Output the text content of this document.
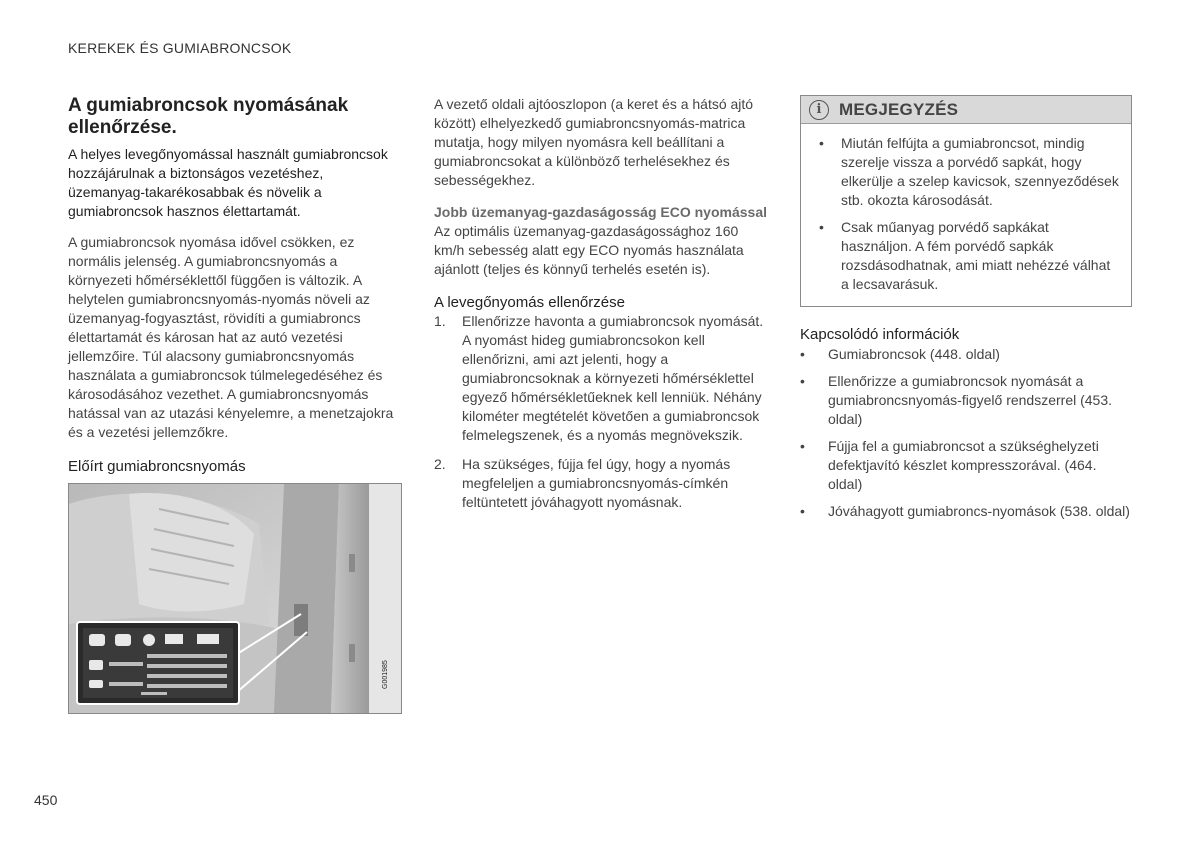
KEREKEK ÉS GUMIABRONCSOK
A gumiabroncsok nyomásának ellenőrzése.

A helyes levegőnyomással használt gumiabroncsok hozzájárulnak a biztonságos vezetéshez, üzemanyag-takarékosabbak és növelik a gumiabroncsok hasznos élettartamát.

A gumiabroncsok nyomása idővel csökken, ez normális jelenség. A gumiabroncsnyomás a környezeti hőmérséklettől függően is változik. A helytelen gumiabroncsnyomás-nyomás növeli az üzemanyag-fogyasztást, rövidíti a gumiabroncs élettartamát és károsan hat az autó vezetési jellemzőire. Túl alacsony gumiabroncsnyomás használata a gumiabroncsok túlmelegedéséhez és károsodásához vezethet. A gumiabroncsnyomás hatással van az utazási kényelemre, a menetzajokra és a vezetési jellemzőkre.

Előírt gumiabroncsnyomás
G001985

A vezető oldali ajtóoszlopon (a keret és a hátsó ajtó között) elhelyezkedő gumiabroncsnyomás-matrica mutatja, hogy milyen nyomásra kell beállítani a gumiabroncsokat a különböző terhelésekhez és sebességekhez.

Jobb üzemanyag-gazdaságosság ECO nyomással

Az optimális üzemanyag-gazdaságossághoz 160 km/h sebesség alatt egy ECO nyomás használata ajánlott (teljes és könnyű terhelés esetén is).

A levegőnyomás ellenőrzése
1. Ellenőrizze havonta a gumiabroncsok nyomását. A nyomást hideg gumiabroncsokon kell ellenőrizni, ami azt jelenti, hogy a gumiabroncsoknak a környezeti hőmérséklettel egyező hőmérsékletűeknek kell lenniük. Néhány kilométer megtételét követően a gumiabroncsok felmelegszenek, és a nyomás megnövekszik.
2. Ha szükséges, fújja fel úgy, hogy a nyomás megfeleljen a gumiabroncsnyomás-címkén feltüntetett jóváhagyott nyomásnak.
i	MEGJEGYZÉS
• Miután felfújta a gumiabroncsot, mindig szerelje vissza a porvédő sapkát, hogy elkerülje a szelep kavicsok, szennyeződések stb. okozta károsodását.
• Csak műanyag porvédő sapkákat használjon. A fém porvédő sapkák rozsdásodhatnak, ami miatt nehézzé válhat a lecsavarásuk.
Kapcsolódó információk
• Gumiabroncsok (448. oldal)
• Ellenőrizze a gumiabroncsok nyomását a gumiabroncsnyomás-figyelő rendszerrel (453. oldal)
• Fújja fel a gumiabroncsot a szükséghelyzeti defektjavító készlet kompresszorával. (464. oldal)
• Jóváhagyott gumiabroncs-nyomások (538. oldal)
450
